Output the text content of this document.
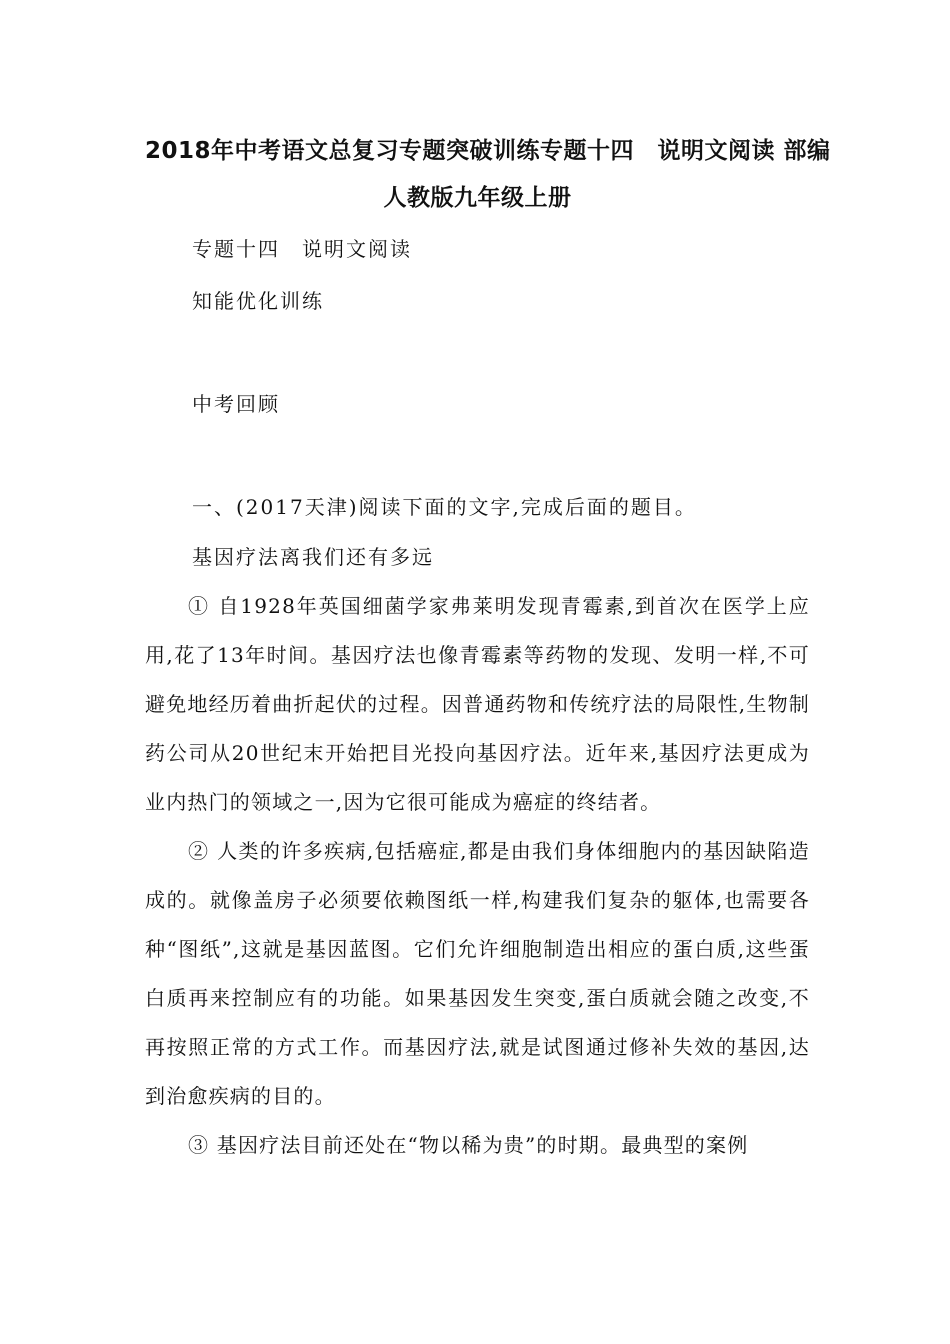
2018年中考语文总复习专题突破训练专题十四　说明文阅读 部编
人教版九年级上册

专题十四　说明文阅读

知能优化训练

中考回顾

一、(2017天津)阅读下面的文字,完成后面的题目。

基因疗法离我们还有多远

① 自1928年英国细菌学家弗莱明发现青霉素,到首次在医学上应用,花了13年时间。基因疗法也像青霉素等药物的发现、发明一样,不可避免地经历着曲折起伏的过程。因普通药物和传统疗法的局限性,生物制药公司从20世纪末开始把目光投向基因疗法。近年来,基因疗法更成为业内热门的领域之一,因为它很可能成为癌症的终结者。

② 人类的许多疾病,包括癌症,都是由我们身体细胞内的基因缺陷造成的。就像盖房子必须要依赖图纸一样,构建我们复杂的躯体,也需要各种“图纸”,这就是基因蓝图。它们允许细胞制造出相应的蛋白质,这些蛋白质再来控制应有的功能。如果基因发生突变,蛋白质就会随之改变,不再按照正常的方式工作。而基因疗法,就是试图通过修补失效的基因,达到治愈疾病的目的。

③ 基因疗法目前还处在“物以稀为贵”的时期。最典型的案例
